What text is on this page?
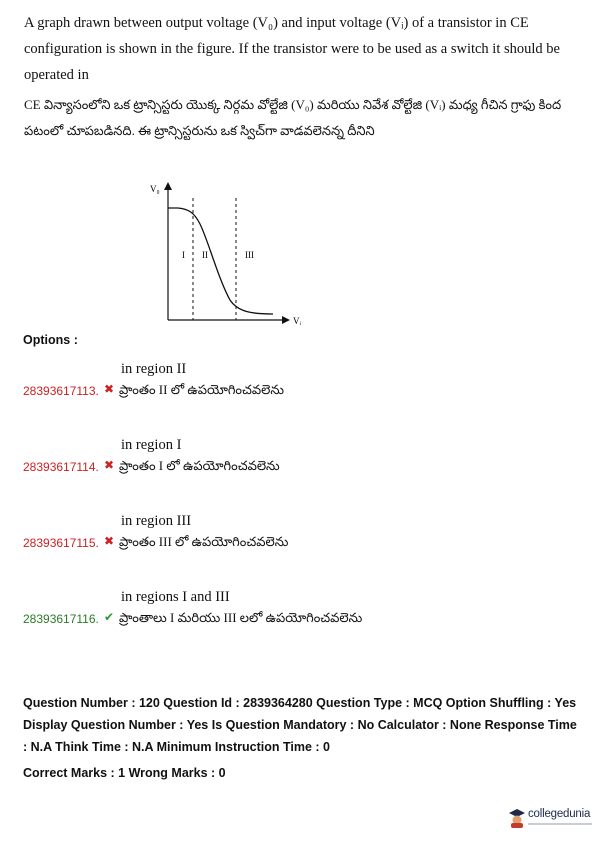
A graph drawn between output voltage (V₀) and input voltage (Vᵢ) of a transistor in CE configuration is shown in the figure. If the transistor were to be used as a switch it should be operated in

CE విన్యాసంలోని ఒక ట్రాన్సిస్టరు యొక్క నిర్గమ వోల్టేజి (V₀) మరియు నివేశ వోల్టేజి (Vᵢ) మధ్య గీచిన గ్రాఫు కింద పటంలో చూపబడినది. ఈ ట్రాన్సిస్టరును ఒక స్విచ్‌గా వాడవలెనన్న దీనిని

V₀
Vᵢ
I II	III
Options :
in region II
28393617113. ✖ ప్రాంతం II లో ఉపయోగించవలెను
in region I
28393617114. ✖ ప్రాంతం I లో ఉపయోగించవలెను
in region III
28393617115. ✖ ప్రాంతం III లో ఉపయోగించవలెను
in regions I and III
28393617116. ✔ ప్రాంతాలు I మరియు III లలో ఉపయోగించవలెను
Question Number : 120 Question Id : 2839364280 Question Type : MCQ Option Shuffling : Yes Display Question Number : Yes Is Question Mandatory : No Calculator : None Response Time : N.A Think Time : N.A Minimum Instruction Time : 0
Correct Marks : 1 Wrong Marks : 0
collegedunia
